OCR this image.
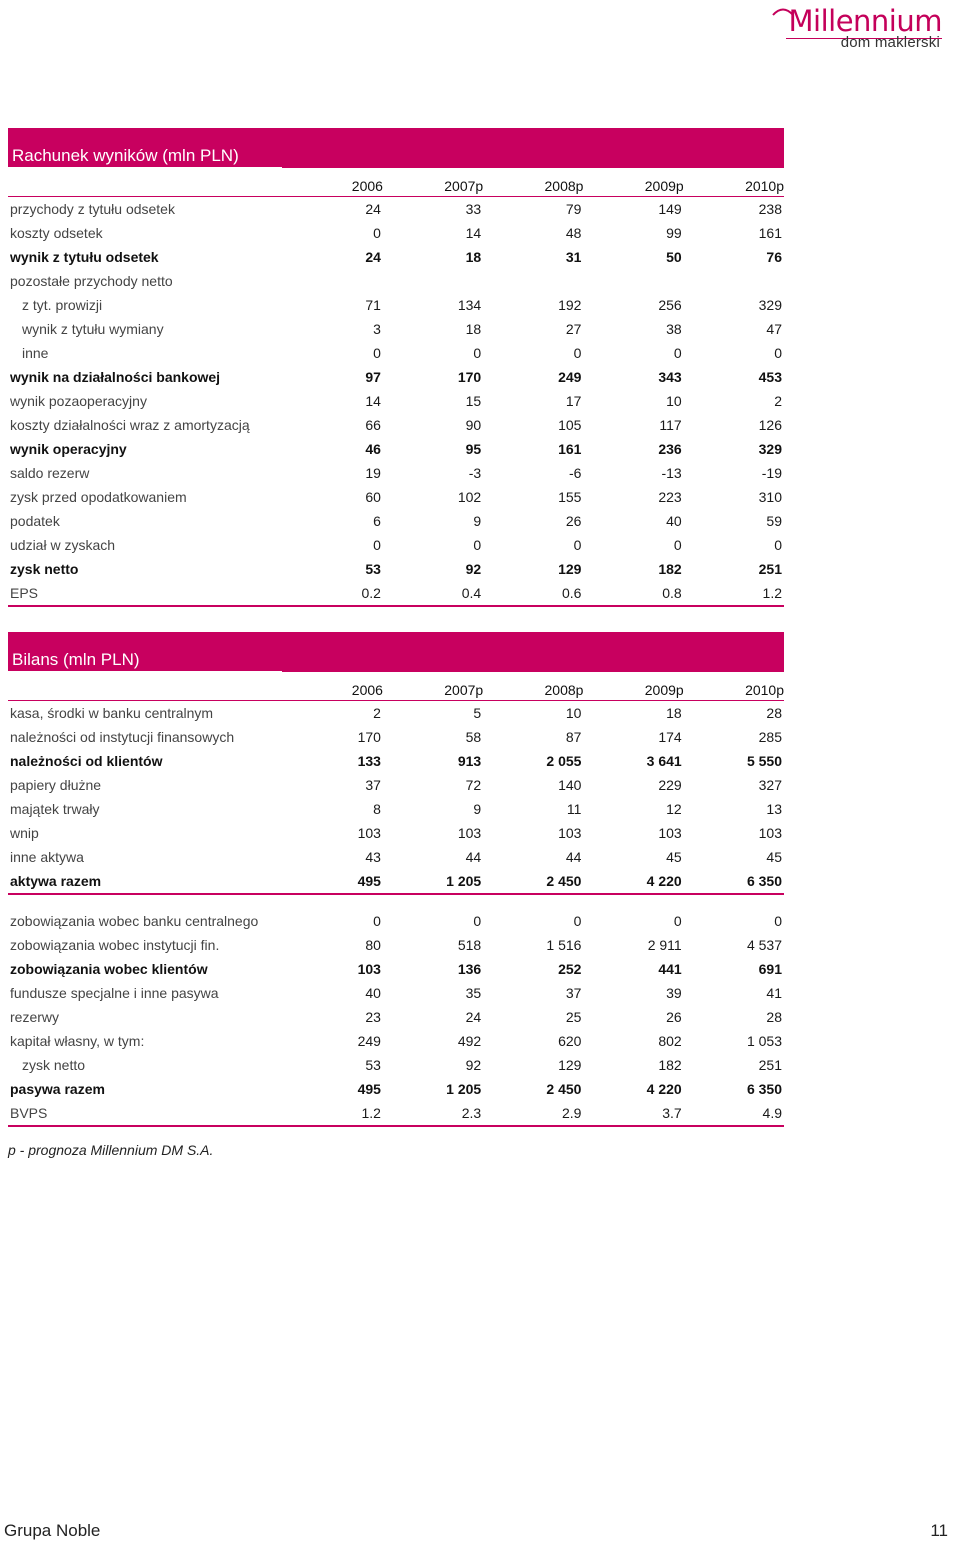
Millennium
dom maklerski
Rachunek wyników (mln PLN)
	2006	2007p	2008p	2009p	2010p
przychody z tytułu odsetek	24	33	79	149	238
koszty odsetek	0	14	48	99	161
wynik z tytułu odsetek	24	18	31	50	76
pozostałe przychody netto					
z tyt. prowizji	71	134	192	256	329
wynik z tytułu wymiany	3	18	27	38	47
inne	0	0	0	0	0
wynik na działalności bankowej	97	170	249	343	453
wynik pozaoperacyjny	14	15	17	10	2
koszty działalności wraz z amortyzacją	66	90	105	117	126
wynik operacyjny	46	95	161	236	329
saldo rezerw	19	-3	-6	-13	-19
zysk przed opodatkowaniem	60	102	155	223	310
podatek	6	9	26	40	59
udział w zyskach	0	0	0	0	0
zysk netto	53	92	129	182	251
EPS	0.2	0.4	0.6	0.8	1.2
Bilans (mln PLN)
	2006	2007p	2008p	2009p	2010p
kasa, środki w banku centralnym	2	5	10	18	28
należności od instytucji finansowych	170	58	87	174	285
należności od klientów	133	913	2 055	3 641	5 550
papiery dłużne	37	72	140	229	327
majątek trwały	8	9	11	12	13
wnip	103	103	103	103	103
inne aktywa	43	44	44	45	45
aktywa razem	495	1 205	2 450	4 220	6 350

zobowiązania wobec banku centralnego	0	0	0	0	0
zobowiązania wobec instytucji fin.	80	518	1 516	2 911	4 537
zobowiązania wobec klientów	103	136	252	441	691
fundusze specjalne i inne pasywa	40	35	37	39	41
rezerwy	23	24	25	26	28
kapitał własny, w tym:	249	492	620	802	1 053
zysk netto	53	92	129	182	251
pasywa razem	495	1 205	2 450	4 220	6 350
BVPS	1.2	2.3	2.9	3.7	4.9
p - prognoza Millennium DM S.A.
Grupa Noble	11
